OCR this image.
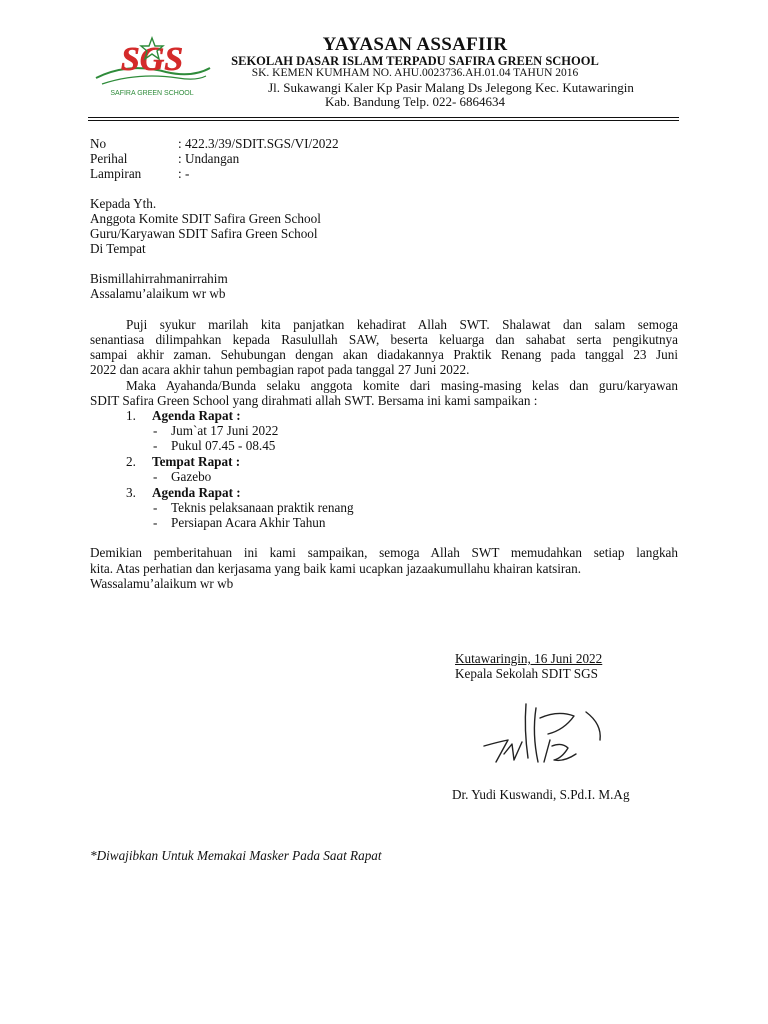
SGS
SAFIRA GREEN SCHOOL
YAYASAN ASSAFIIR
SEKOLAH DASAR ISLAM TERPADU SAFIRA GREEN SCHOOL
SK. KEMEN KUMHAM NO. AHU.0023736.AH.01.04 TAHUN 2016
Jl. Sukawangi Kaler Kp Pasir Malang Ds Jelegong Kec. Kutawaringin
Kab. Bandung Telp. 022- 6864634
No	: 422.3/39/SDIT.SGS/VI/2022
Perihal	: Undangan
Lampiran	: -
Kepada Yth.
Anggota Komite SDIT Safira Green School
Guru/Karyawan SDIT Safira Green School
Di Tempat
Bismillahirrahmanirrahim
Assalamu’alaikum wr wb
Puji syukur marilah kita panjatkan kehadirat Allah SWT. Shalawat dan salam semoga
senantiasa dilimpahkan kepada Rasulullah SAW, beserta keluarga dan sahabat serta pengikutnya
sampai akhir zaman. Sehubungan dengan akan diadakannya Praktik Renang pada tanggal 23 Juni
2022 dan acara akhir tahun pembagian rapot pada tanggal 27 Juni 2022.
Maka Ayahanda/Bunda selaku anggota komite dari masing-masing kelas dan guru/karyawan
SDIT Safira Green School yang dirahmati allah SWT. Bersama ini kami sampaikan :
1. Agenda Rapat :
- Jum`at 17 Juni 2022
- Pukul 07.45 - 08.45
2. Tempat Rapat :
- Gazebo
3. Agenda Rapat :
- Teknis pelaksanaan praktik renang
- Persiapan Acara Akhir Tahun
Demikian pemberitahuan ini kami sampaikan, semoga Allah SWT memudahkan setiap langkah
kita. Atas perhatian dan kerjasama yang baik kami ucapkan jazaakumullahu khairan katsiran.
Wassalamu’alaikum wr wb
Kutawaringin, 16 Juni 2022
Kepala Sekolah SDIT SGS
Dr. Yudi Kuswandi, S.Pd.I. M.Ag
*Diwajibkan Untuk Memakai Masker Pada Saat Rapat
